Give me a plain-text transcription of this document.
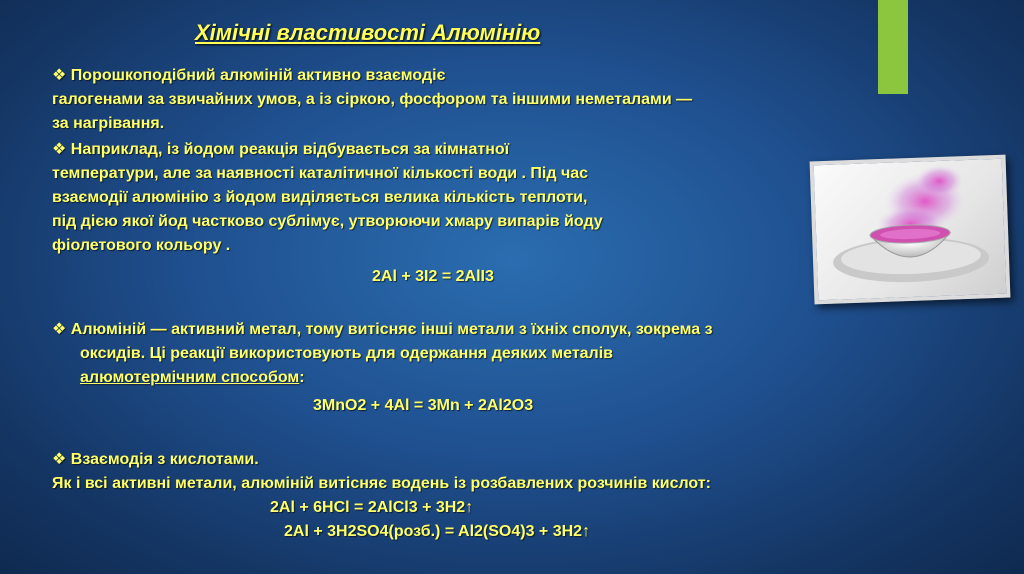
Хімічні властивості Алюмінію

❖ Порошкоподібний алюміній активно взаємодіє

галогенами за звичайних умов, а із сіркою, фосфором та іншими неметалами —

за нагрівання.

❖ Наприклад, із йодом реакція відбувається за кімнатної

температури, але за наявності каталітичної кількості води . Під час

взаємодії алюмінію з йодом виділяється велика кількість теплоти,

під дією якої йод частково сублімує, утворюючи хмару випарів йоду

фіолетового кольору .

2Al + 3I2 = 2AlI3

❖ Алюміній — активний метал, тому витісняє інші метали з їхніх сполук, зокрема з

оксидів. Ці реакції використовують для одержання деяких металів

алюмотермічним способом:

3MnO2 + 4Al = 3Mn + 2Al2O3

❖ Взаємодія з кислотами.

Як і всі активні метали, алюміній витісняє водень із розбавлених розчинів кислот:

2Al + 6HCl = 2AlCl3 + 3H2↑

2Al + 3H2SO4(розб.) = Al2(SO4)3 + 3H2↑
